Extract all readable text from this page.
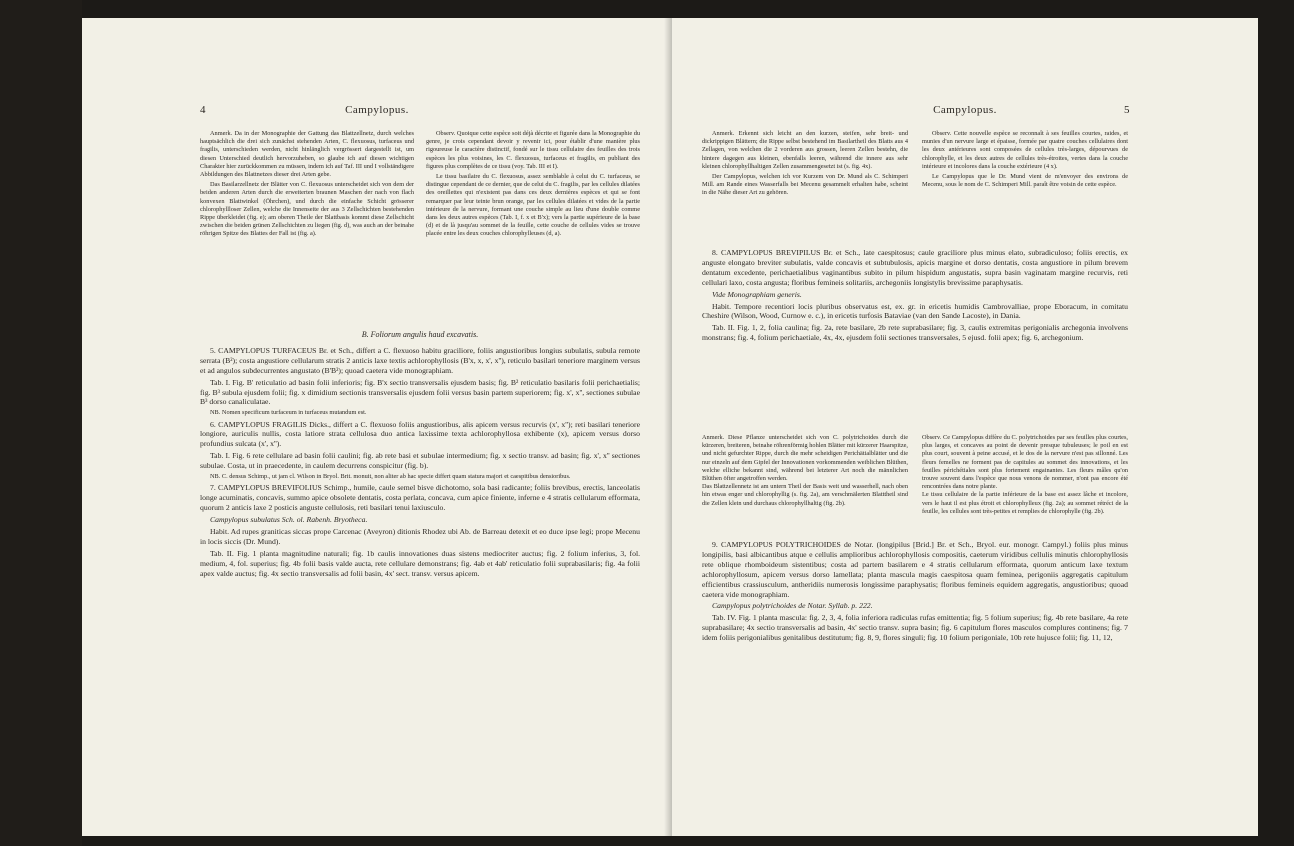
4	Campylopus.

Anmerk. Da in der Monographie der Gattung das Blattzellnetz, durch welches hauptsächlich die drei sich zunächst stehenden Arten, C. flexuosus, turfaceus und fragilis, unterschieden werden, nicht hinlänglich vergrössert dargestellt ist, um diesen Unterschied deutlich hervorzuheben, so glaube ich auf diesen wichtigen Charakter hier zurückkommen zu müssen, indem ich auf Taf. III und I vollständigere Abbildungen des Blattnetzes dieser drei Arten gebe.

Das Basilarzellnetz der Blätter von C. flexuosus unterscheidet sich von dem der beiden anderen Arten durch die erweiterten braunen Maschen der nach von flach konvexen Blattwinkel (Öhrchen), und durch die einfache Schicht grösserer chlorophyllloser Zellen, welche die Innenseite der aus 3 Zellschichten bestehenden Rippe überkleidet (fig. e); am oberen Theile der Blattbasis kommt diese Zellschicht zwischen die beiden grünen Zellschichten zu liegen (fig. d), was auch an der beinahe röhrigen Spitze des Blattes der Fall ist (fig. a).

Observ. Quoique cette espèce soit déjà décrite et figurée dans la Monographie du genre, je crois cependant devoir y revenir ici, pour établir d'une manière plus rigoureuse le caractère distinctif, fondé sur le tissu cellulaire des feuilles des trois espèces les plus voisines, les C. flexuosus, turfaceus et fragilis, en publiant des figures plus complètes de ce tissu (voy. Tab. III et I).

Le tissu basilaire du C. flexuosus, assez semblable à celui du C. turfaceus, se distingue cependant de ce dernier, que de celui du C. fragilis, par les cellules dilatées des oreillettes qui n'existent pas dans ces deux dernières espèces et qui se font remarquer par leur teinte brun orange, par les cellules dilatées et vides de la partie intérieure de la nervure, formant une couche simple au lieu d'une double comme dans les deux autres espèces (Tab. I, f. x et B'x); vers la partie supérieure de la base (d) et de là jusqu'au sommet de la feuille, cette couche de cellules vides se trouve placée entre les deux couches chlorophylleuses (d, a).

B. Foliorum angulis haud excavatis.

5. CAMPYLOPUS TURFACEUS Br. et Sch., differt a C. flexuoso habitu graciliore, foliis angustioribus longius subulatis, subula remote serrata (B²); costa angustiore cellularum stratis 2 anticis laxe textis achlorophyllosis (B'x, x, x', x''), reticulo basilari teneriore marginem versus et ad angulos subdecurrentes angustato (B'B²); quoad caetera vide monographiam.

Tab. I. Fig. B' reticulatio ad basin folii inferioris; fig. B'x sectio transversalis ejusdem basis; fig. B² reticulatio basilaris folii perichaetialis; fig. B³ subula ejusdem folii; fig. x dimidium sectionis transversalis ejusdem folii versus basin partem superiorem; fig. x', x'', sectiones subulae B³ dorso canaliculatae.

NB. Nomen specificum turfaceum in turfaceus mutandum est.

6. CAMPYLOPUS FRAGILIS Dicks., differt a C. flexuoso foliis angustioribus, alis apicem versus recurvis (x', x''); reti basilari teneriore longiore, auriculis nullis, costa latiore strata cellulosa duo antica laxissime texta achlorophyllosa exhibente (x), apicem versus dorso profundius sulcata (x', x'').

Tab. I. Fig. 6 rete cellulare ad basin folii caulini; fig. ab rete basi et subulae intermedium; fig. x sectio transv. ad basin; fig. x', x'' sectiones subulae. Costa, ut in praecedente, in caulem decurrens conspicitur (fig. b).

NB. C. densus Schimp., ut jam cl. Wilson in Bryol. Brit. monuit, non aliter ab hac specie differt quam statura majori et caespitibus densioribus.

7. CAMPYLOPUS BREVIFOLIUS Schimp., humile, caule semel bisve dichotomo, sola basi radicante; foliis brevibus, erectis, lanceolatis longe acuminatis, concavis, summo apice obsolete dentatis, costa perlata, concava, cum apice finiente, inferne e 4 stratis cellularum efformata, quorum 2 anticis laxe 2 posticis anguste cellulosis, reti basilari tenui laxiusculo.

Campylopus subulatus Sch. ol. Rabenh. Bryotheca.

Habit. Ad rupes graniticas siccas prope Carcenac (Aveyron) ditionis Rhodez ubi Ab. de Barreau detexit et eo duce ipse legi; prope Mecenu in locis siccis (Dr. Mund).

Tab. II. Fig. 1 planta magnitudine naturali; fig. 1b caulis innovationes duas sistens mediocriter auctus; fig. 2 folium inferius, 3, fol. medium, 4, fol. superius; fig. 4b folii basis valde aucta, rete cellulare demonstrans; fig. 4ab et 4ab' reticulatio folii suprabasilaris; fig. 4a folii apex valde auctus; fig. 4x sectio transversalis ad folii basin, 4x' sect. transv. versus apicem.

Campylopus.	5

Anmerk. Erkennt sich leicht an den kurzen, steifen, sehr breit- und dickrippigen Blättern; die Rippe selbst bestehend im Basilartheil des Blatts aus 4 Zellagen, von welchen die 2 vorderen aus grossen, leeren Zellen bestehn, die hintere dagegen aus kleinen, ebenfalls leeren, während die innere aus sehr kleinen chlorophyllhaltigen Zellen zusammengesetzt ist (s. fig. 4x).

Der Campylopus, welchen ich vor Kurzem von Dr. Mund als C. Schimperi Mill. am Rande eines Wasserfalls bei Mecenu gesammelt erhalten habe, scheint in die Nähe dieser Art zu gehören.

Observ. Cette nouvelle espèce se reconnaît à ses feuilles courtes, raides, et munies d'un nervure large et épaisse, formée par quatre couches cellulaires dont les deux antérieures sont composées de cellules très-larges, dépourvues de chlorophylle, et les deux autres de cellules très-étroites, vertes dans la couche intérieure et incolores dans la couche extérieure (4 x).

Le Campylopus que le Dr. Mund vient de m'envoyer des environs de Mecenu, sous le nom de C. Schimperi Mill. paraît être voisin de cette espèce.

8. CAMPYLOPUS BREVIPILUS Br. et Sch., late caespitosus; caule graciliore plus minus elato, subradiculoso; foliis erectis, ex anguste elongato breviter subulatis, valde concavis et subtubulosis, apicis margine et dorso dentatis, costa angustiore in pilum brevem dentatum excedente, perichaetialibus vaginantibus subito in pilum hispidum angustatis, supra basin vaginatam margine recurvis, reti cellulari laxo, costa angusta; floribus femineis solitariis, archegoniis longistylis brevissime paraphysatis.

Vide Monographiam generis.

Habit. Tempore recentiori locis pluribus observatus est, ex. gr. in ericetis humidis Cambrovalliae, prope Eboracum, in comitatu Cheshire (Wilson, Wood, Curnow e. c.), in ericetis turfosis Bataviae (van den Sande Lacoste), in Dania.

Tab. II. Fig. 1, 2, folia caulina; fig. 2a, rete basilare, 2b rete suprabasilare; fig. 3, caulis extremitas perigonialis archegonia involvens monstrans; fig. 4, folium perichaetiale, 4x, 4x, ejusdem folii sectiones transversales, 5 ejusd. folii apex; fig. 6, archegonium.

Anmerk. Diese Pflanze unterscheidet sich von C. polytrichoides durch die kürzeren, breiteren, beinahe röhrenförmig hohlen Blätter mit kürzerer Haarspitze, und nicht gefurchter Rippe, durch die mehr scheidigen Perichätialblätter und die nur einzeln auf dem Gipfel der Innovationen vorkommenden weiblichen Blüthen, welche elliche bekannt sind, während bei letzterer Art noch die männlichen Blüthen öfter angetroffen werden.
Das Blattzellennetz ist am untern Theil der Basis weit und wasserhell, nach oben hin etwas enger und chlorophyllig (s. fig. 2a), am verschmälerten Blatttheil sind die Zellen klein und durchaus chlorophyllhaltig (fig. 2b).
Observ. Ce Campylopus diffère du C. polytrichoides par ses feuilles plus courtes, plus larges, et concaves au point de devenir presque tubuleuses; le poil en est plus court, souvent à peine accusé, et le dos de la nervure n'est pas sillonné. Les fleurs femelles ne forment pas de capitules au sommet des innovations, et les feuilles périchétiales sont plus fortement engainantes. Les fleurs mâles qu'on trouve souvent dans l'espèce que nous venons de nommer, n'ont pas encore été rencontrées dans notre plante.
Le tissu cellulaire de la partie inférieure de la base est assez lâche et incolore, vers le haut il est plus étroit et chlorophylleux (fig. 2a); au sommet rétréci de la feuille, les cellules sont très-petites et remplies de chlorophylle (fig. 2b).

9. CAMPYLOPUS POLYTRICHOIDES de Notar. (longipilus [Brid.] Br. et Sch., Bryol. eur. monogr. Campyl.) foliis plus minus longipilis, basi albicantibus atque e cellulis amplioribus achlorophyllosis compositis, caeterum viridibus cellulis minutis chlorophyllosis rete oblique rhomboideum sistentibus; costa ad partem basilarem e 4 stratis cellularum efformata, quorum anticum laxe textum achlorophyllosum, apicem versus dorso lamellata; planta mascula magis caespitosa quam feminea, perigoniis aggregatis capitulum efficientibus crassiusculum, antheridiis numerosis longissime paraphysatis; floribus femineis equidem aggregatis, angustioribus; quoad caetera vide monographiam.

Campylopus polytrichoides de Notar. Syllab. p. 222.

Tab. IV. Fig. 1 planta mascula: fig. 2, 3, 4, folia inferiora radiculas rufas emittentia; fig. 5 folium superius; fig. 4b rete basilare, 4a rete suprabasilare; 4x sectio transversalis ad basin, 4x' sectio transv. supra basin; fig. 6 capitulum flores masculos complures continens; fig. 7 idem foliis perigonialibus genitalibus destitutum; fig. 8, 9, flores singuli; fig. 10 folium perigoniale, 10b rete hujusce folii; fig. 11, 12,
